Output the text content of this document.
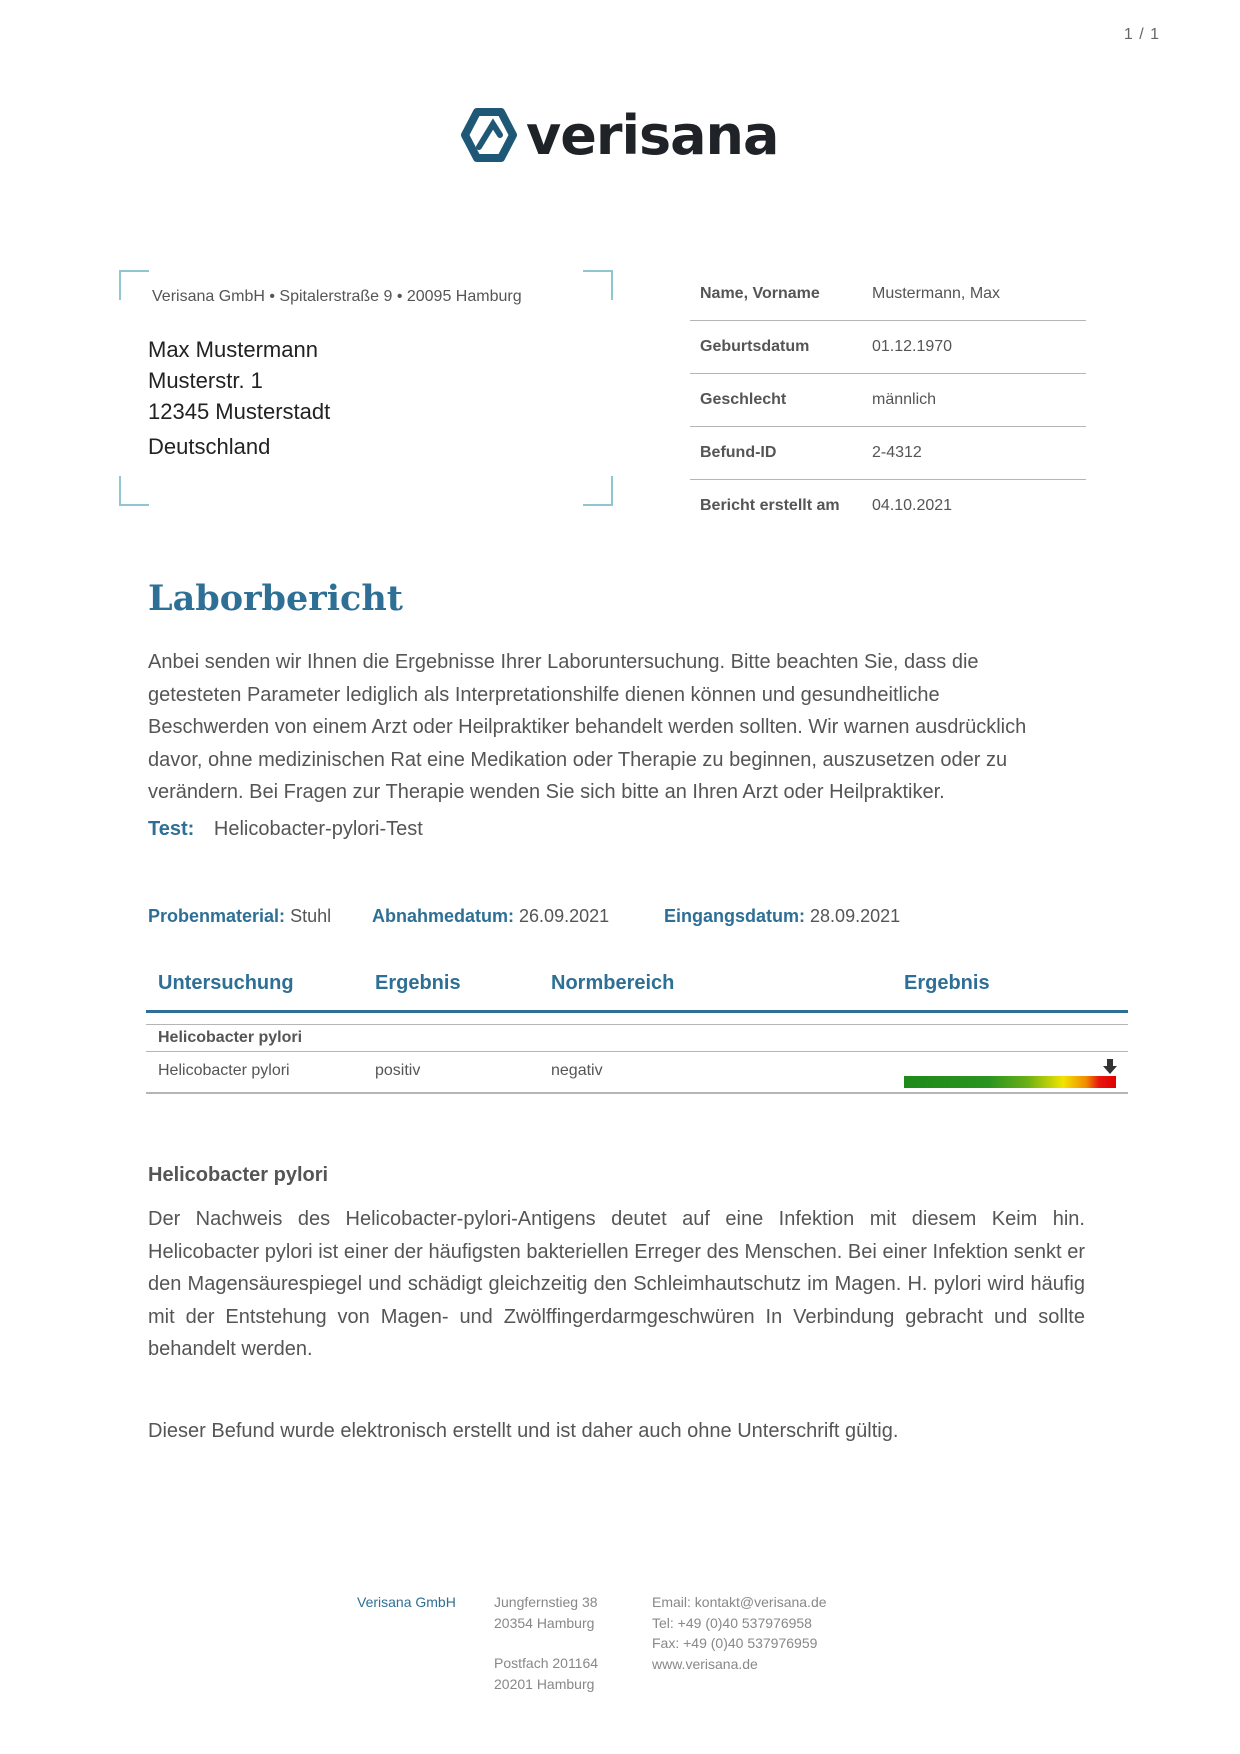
1 / 1
verisana
Verisana GmbH • Spitalerstraße 9 • 20095 Hamburg
Max Mustermann
Musterstr. 1
12345 Musterstadt
Deutschland
Name, Vorname	Mustermann, Max
Geburtsdatum	01.12.1970
Geschlecht	männlich
Befund-ID	2-4312
Bericht erstellt am	04.10.2021
Laborbericht
Anbei senden wir Ihnen die Ergebnisse Ihrer Laboruntersuchung. Bitte beachten Sie, dass die
getesteten Parameter lediglich als Interpretationshilfe dienen können und gesundheitliche
Beschwerden von einem Arzt oder Heilpraktiker behandelt werden sollten. Wir warnen ausdrücklich
davor, ohne medizinischen Rat eine Medikation oder Therapie zu beginnen, auszusetzen oder zu
verändern. Bei Fragen zur Therapie wenden Sie sich bitte an Ihren Arzt oder Heilpraktiker.
Test: Helicobacter-pylori-Test
Probenmaterial: Stuhl Abnahmedatum: 26.09.2021	Eingangsdatum: 28.09.2021
Untersuchung	Ergebnis	Normbereich	Ergebnis
Helicobacter pylori
Helicobacter pylori	positiv	negativ
Helicobacter pylori
Der Nachweis des Helicobacter-pylori-Antigens deutet auf eine Infektion mit diesem Keim hin. Helicobacter pylori ist einer der häufigsten bakteriellen Erreger des Menschen. Bei einer Infektion senkt er den Magensäurespiegel und schädigt gleichzeitig den Schleimhautschutz im Magen. H. pylori wird häufig mit der Entstehung von Magen- und Zwölffingerdarmgeschwüren In Verbindung gebracht und sollte behandelt werden.
Dieser Befund wurde elektronisch erstellt und ist daher auch ohne Unterschrift gültig.
Verisana GmbH	Jungfernstieg 38
20354 Hamburg
Postfach 201164
20201 Hamburg
Email: kontakt@verisana.de
Tel: +49 (0)40 537976958
Fax: +49 (0)40 537976959
www.verisana.de
